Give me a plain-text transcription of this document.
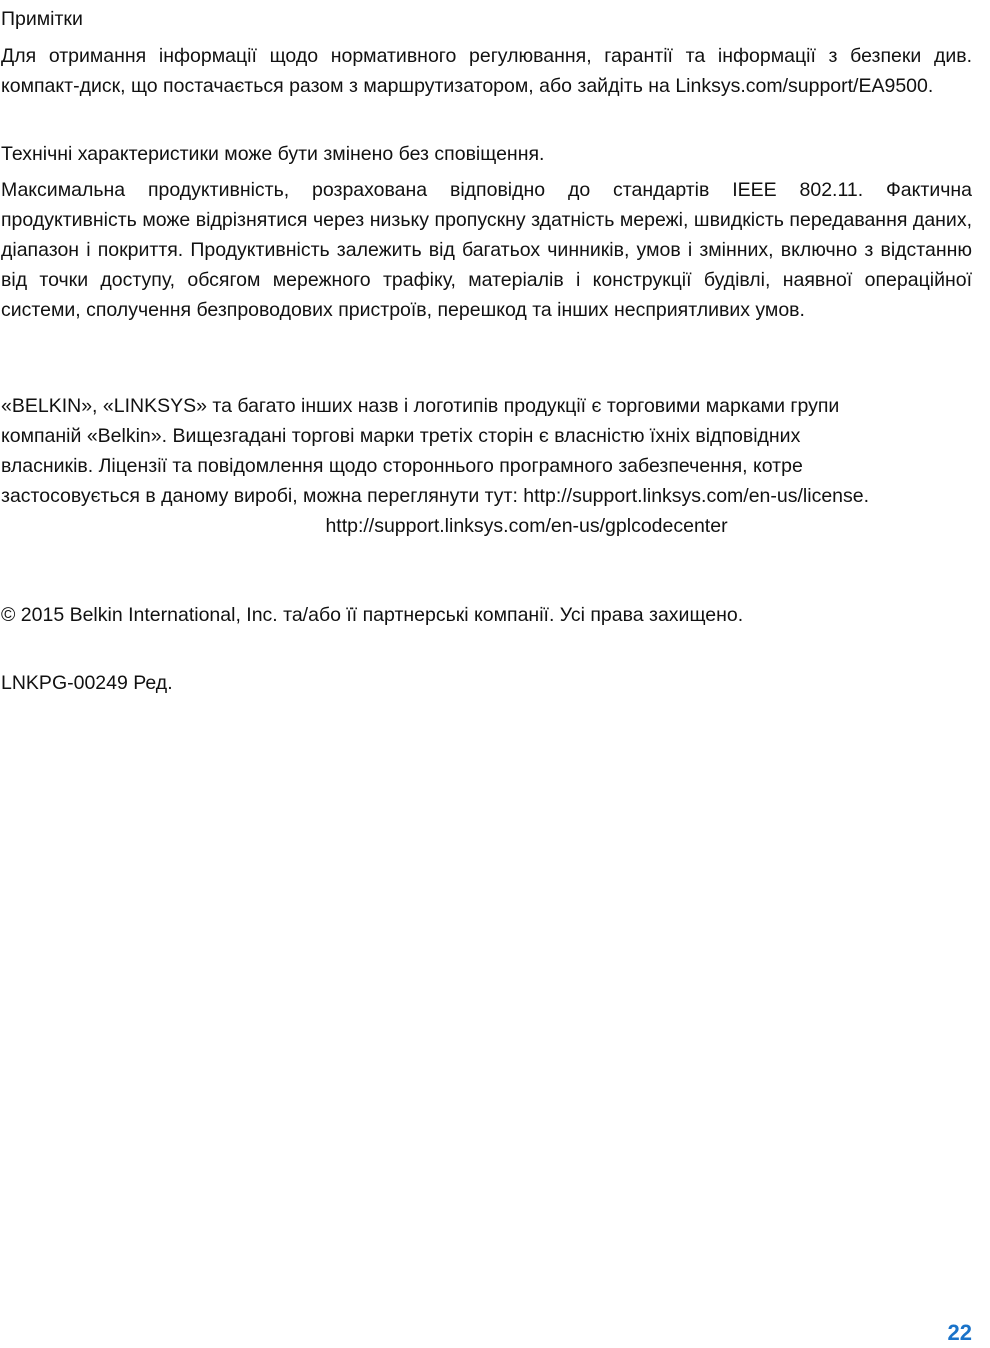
Примітки

Для отримання інформації щодо нормативного регулювання, гарантії та інформації з безпеки див. компакт-диск, що постачається разом з маршрутизатором, або зайдіть на Linksys.com/support/EA9500.

Технічні характеристики може бути змінено без сповіщення.

Максимальна продуктивність, розрахована відповідно до стандартів IEEE 802.11. Фактична продуктивність може відрізнятися через низьку пропускну здатність мережі, швидкість передавання даних, діапазон і покриття. Продуктивність залежить від багатьох чинників, умов і змінних, включно з відстанню від точки доступу, обсягом мережного трафіку, матеріалів і конструкції будівлі, наявної операційної системи, сполучення безпроводових пристроїв, перешкод та інших несприятливих умов.

«BELKIN», «LINKSYS» та багато інших назв і логотипів продукції є торговими марками групи
компаній «Belkin». Вищезгадані торгові марки третіх сторін є власністю їхніх відповідних
власників. Ліцензії та повідомлення щодо стороннього програмного забезпечення, котре
застосовується в даному виробі, можна переглянути тут: http://support.linksys.com/en-us/license.
http://support.linksys.com/en-us/gplcodecenter
© 2015 Belkin International, Inc. та/або її партнерські компанії. Усі права захищено.
LNKPG-00249 Ред.
22
